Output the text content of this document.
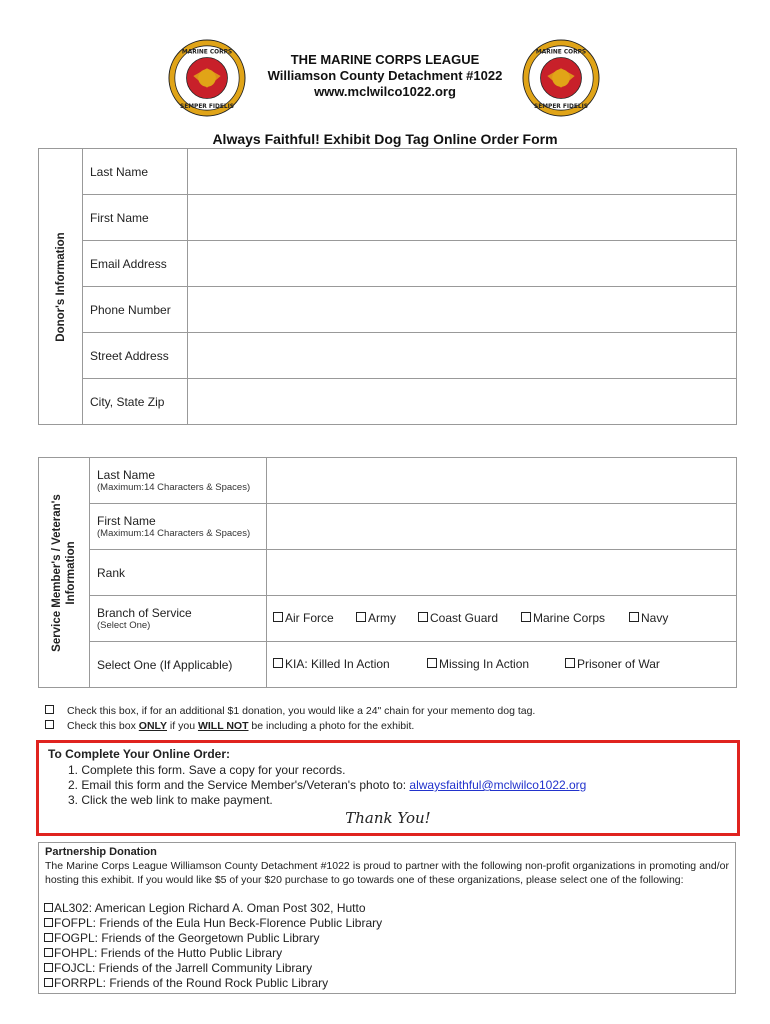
MARINE CORPS
SEMPER FIDELIS
MARINE CORPS
SEMPER FIDELIS
THE MARINE CORPS LEAGUE
Williamson County Detachment #1022
www.mclwilco1022.org
Always Faithful! Exhibit Dog Tag Online Order Form
Donor's Information	Last Name	
	First Name	
	Email Address	
	Phone Number	
	Street Address	
	City, State Zip	
Service Member's / Veteran's Information	Last Name
(Maximum:14 Characters & Spaces)	

	First Name
(Maximum:14 Characters & Spaces)	

	Rank	
	Branch of Service
(Select One)	Air Force Army Coast Guard Marine Corps Navy

	Select One (If Applicable)	KIA: Killed In Action Missing In Action Prisoner of War
Check this box, if for an additional $1 donation, you would like a 24" chain for your memento dog tag.
Check this box ONLY if you WILL NOT be including a photo for the exhibit.
To Complete Your Online Order:
1. Complete this form. Save a copy for your records.
2. Email this form and the Service Member's/Veteran's photo to: alwaysfaithful@mclwilco1022.org
3. Click the web link to make payment.
Thank You!
Partnership Donation
The Marine Corps League Williamson County Detachment #1022 is proud to partner with the following non-profit organizations in promoting and/or hosting this exhibit. If you would like $5 of your $20 purchase to go towards one of these organizations, please select one of the following:
AL302: American Legion Richard A. Oman Post 302, Hutto
FOFPL: Friends of the Eula Hun Beck-Florence Public Library
FOGPL: Friends of the Georgetown Public Library
FOHPL: Friends of the Hutto Public Library
FOJCL: Friends of the Jarrell Community Library
FORRPL: Friends of the Round Rock Public Library
